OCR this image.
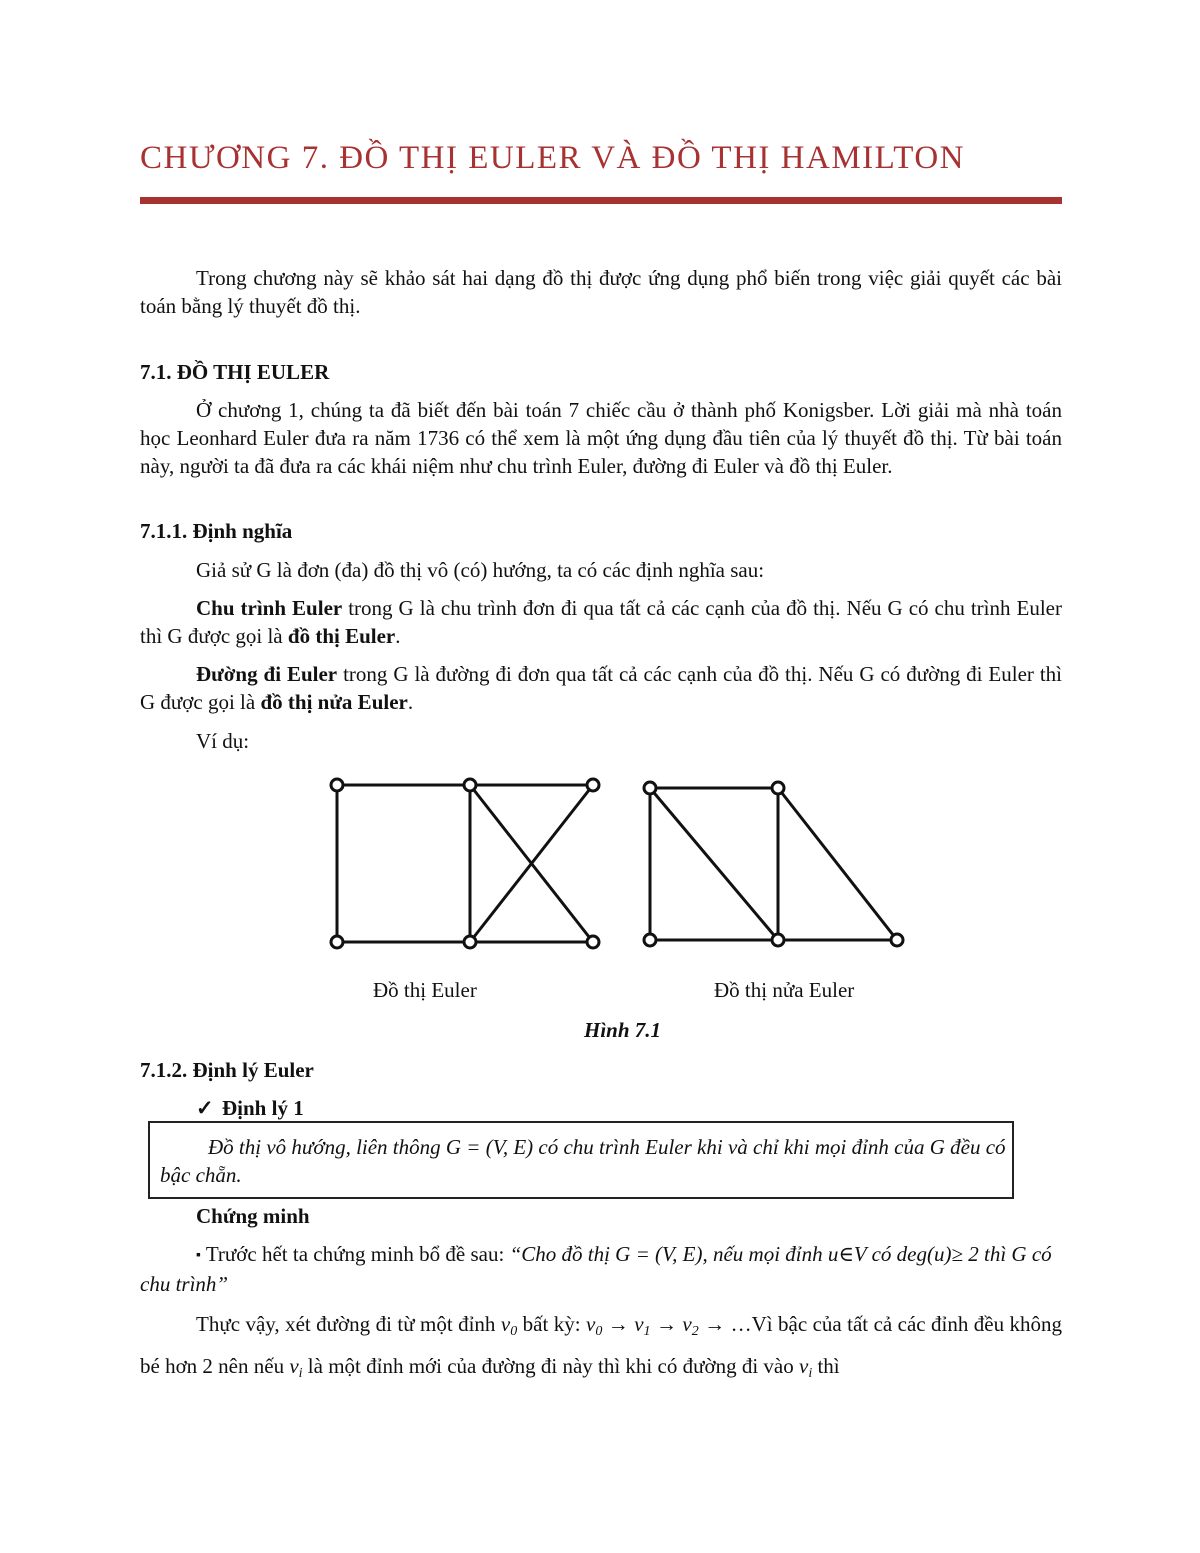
CHƯƠNG 7. ĐỒ THỊ EULER VÀ ĐỒ THỊ HAMILTON

Trong chương này sẽ khảo sát hai dạng đồ thị được ứng dụng phổ biến trong việc giải quyết các bài toán bằng lý thuyết đồ thị.

7.1. ĐỒ THỊ EULER

Ở chương 1, chúng ta đã biết đến bài toán 7 chiếc cầu ở thành phố Konigsber. Lời giải mà nhà toán học Leonhard Euler đưa ra năm 1736 có thể xem là một ứng dụng đầu tiên của lý thuyết đồ thị. Từ bài toán này, người ta đã đưa ra các khái niệm như chu trình Euler, đường đi Euler và đồ thị Euler.

7.1.1. Định nghĩa

Giả sử G là đơn (đa) đồ thị vô (có) hướng, ta có các định nghĩa sau:

Chu trình Euler trong G là chu trình đơn đi qua tất cả các cạnh của đồ thị. Nếu G có chu trình Euler thì G được gọi là đồ thị Euler.

Đường đi Euler trong G là đường đi đơn qua tất cả các cạnh của đồ thị. Nếu G có đường đi Euler thì G được gọi là đồ thị nửa Euler.

Ví dụ:

Đồ thị Euler	Đồ thị nửa Euler
Hình 7.1

7.1.2. Định lý Euler

✓ Định lý 1

Đồ thị vô hướng, liên thông G = (V, E) có chu trình Euler khi và chỉ khi mọi đỉnh của G đều có bậc chẵn.

Chứng minh

▪ Trước hết ta chứng minh bổ đề sau: “Cho đồ thị G = (V, E), nếu mọi đỉnh u∈V có deg(u)≥ 2 thì G có chu trình”

Thực vậy, xét đường đi từ một đỉnh $v_0$ bất kỳ: $v_0 \to v_1 \to v_2$ → …Vì bậc của tất cả các đỉnh đều không bé hơn 2 nên nếu $v_i$ là một đỉnh mới của đường đi này thì khi có đường đi vào $v_i$ thì
